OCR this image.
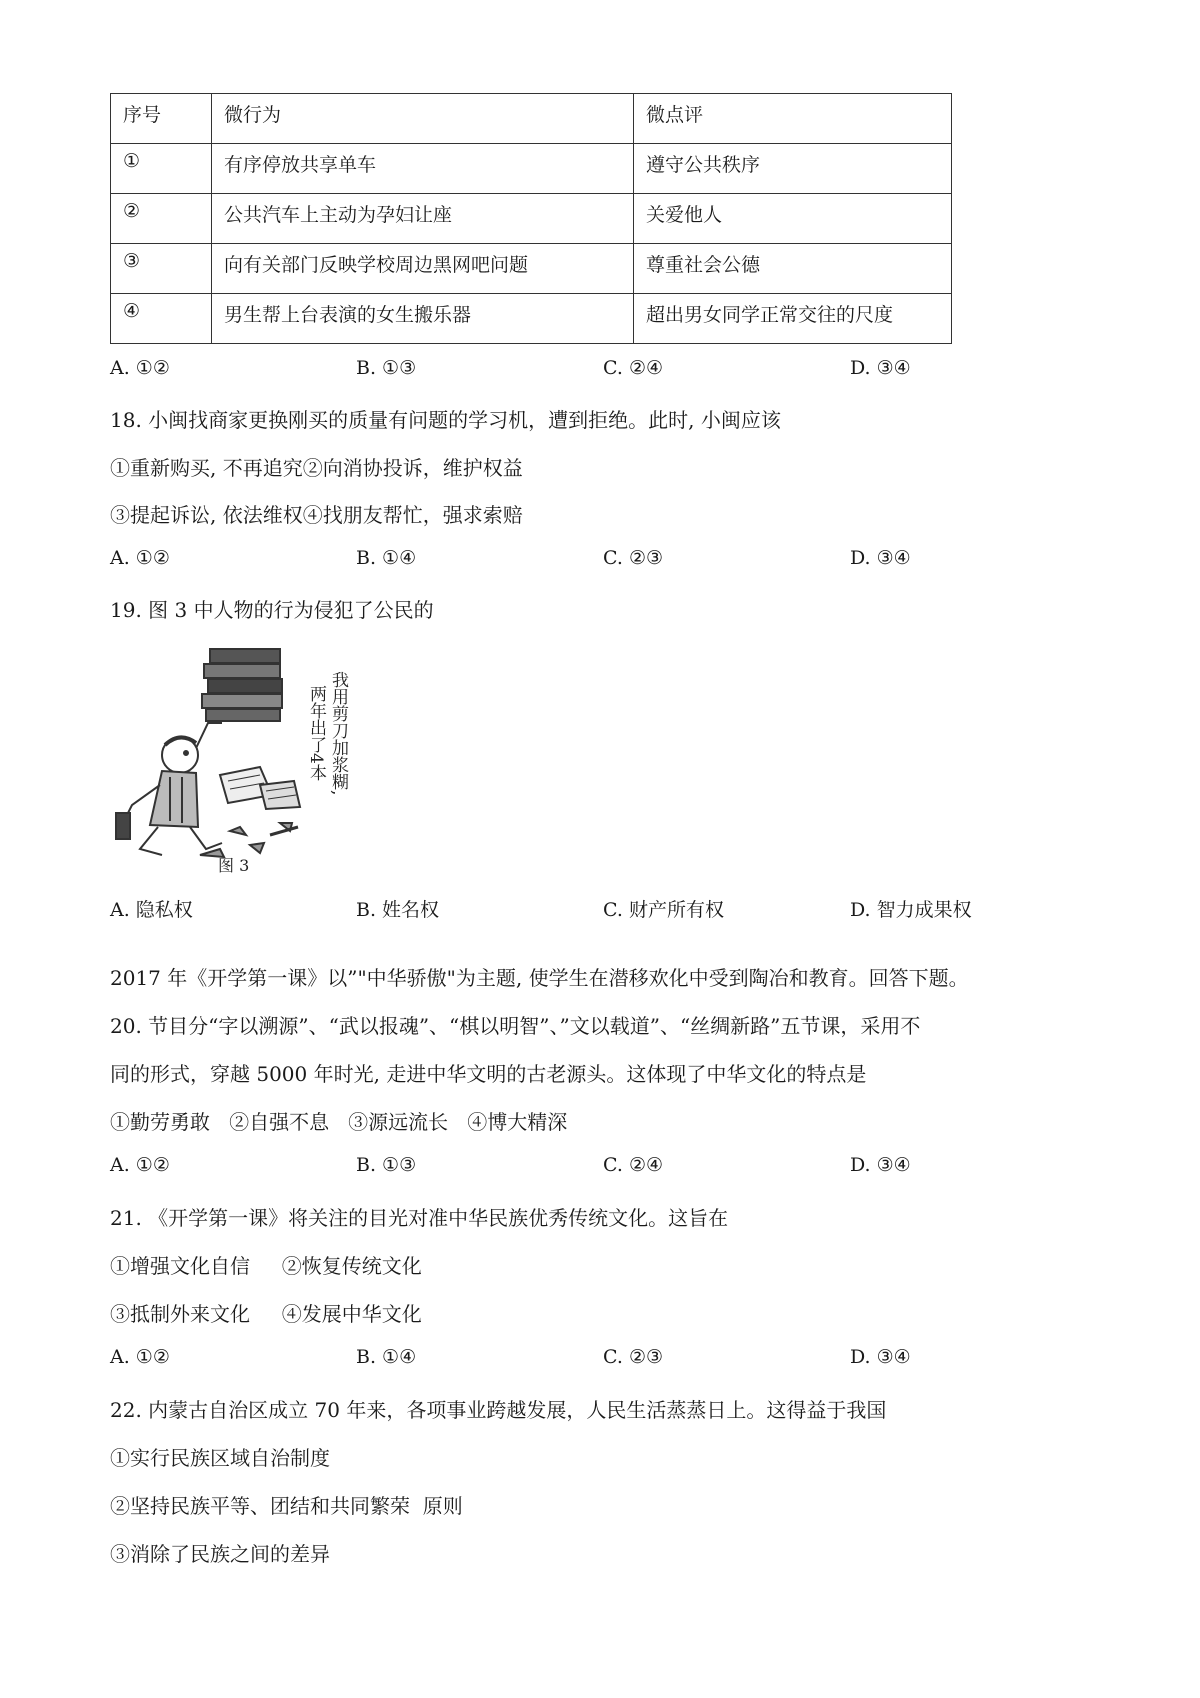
序号	微行为	微点评
①	有序停放共享单车	遵守公共秩序
②	公共汽车上主动为孕妇让座	关爱他人
③	向有关部门反映学校周边黑网吧问题	尊重社会公德
④	男生帮上台表演的女生搬乐器	超出男女同学正常交往的尺度
A. ①②	B. ①③	C. ②④	D. ③④
18. 小闽找商家更换刚买的质量有问题的学习机，遭到拒绝。此时, 小闽应该
①重新购买, 不再追究②向消协投诉，维护权益
③提起诉讼, 依法维权④找朋友帮忙，强求索赔
A. ①②	B. ①④	C. ②③	D. ③④
19. 图 3 中人物的行为侵犯了公民的
我用剪刀加浆糊,
两年出了4本
图 3
A. 隐私权	B. 姓名权	C. 财产所有权	D. 智力成果权
2017 年《开学第一课》以”"中华骄傲"为主题, 使学生在潜移欢化中受到陶冶和教育。回答下题。
20. 节目分“字以溯源”、“武以报魂”、“棋以明智”、”文以载道”、“丝绸新路”五节课，采用不
同的形式，穿越 5000 年时光, 走进中华文明的古老源头。这体现了中华文化的特点是
①勤劳勇敢   ②自强不息   ③源远流长   ④博大精深
A. ①②	B. ①③	C. ②④	D. ③④
21. 《开学第一课》将关注的目光对准中华民族优秀传统文化。这旨在
①增强文化自信     ②恢复传统文化
③抵制外来文化     ④发展中华文化
A. ①②	B. ①④	C. ②③	D. ③④
22. 内蒙古自治区成立 70 年来，各项事业跨越发展，人民生活蒸蒸日上。这得益于我国
①实行民族区域自治制度
②坚持民族平等、团结和共同繁荣  原则
③消除了民族之间的差异
